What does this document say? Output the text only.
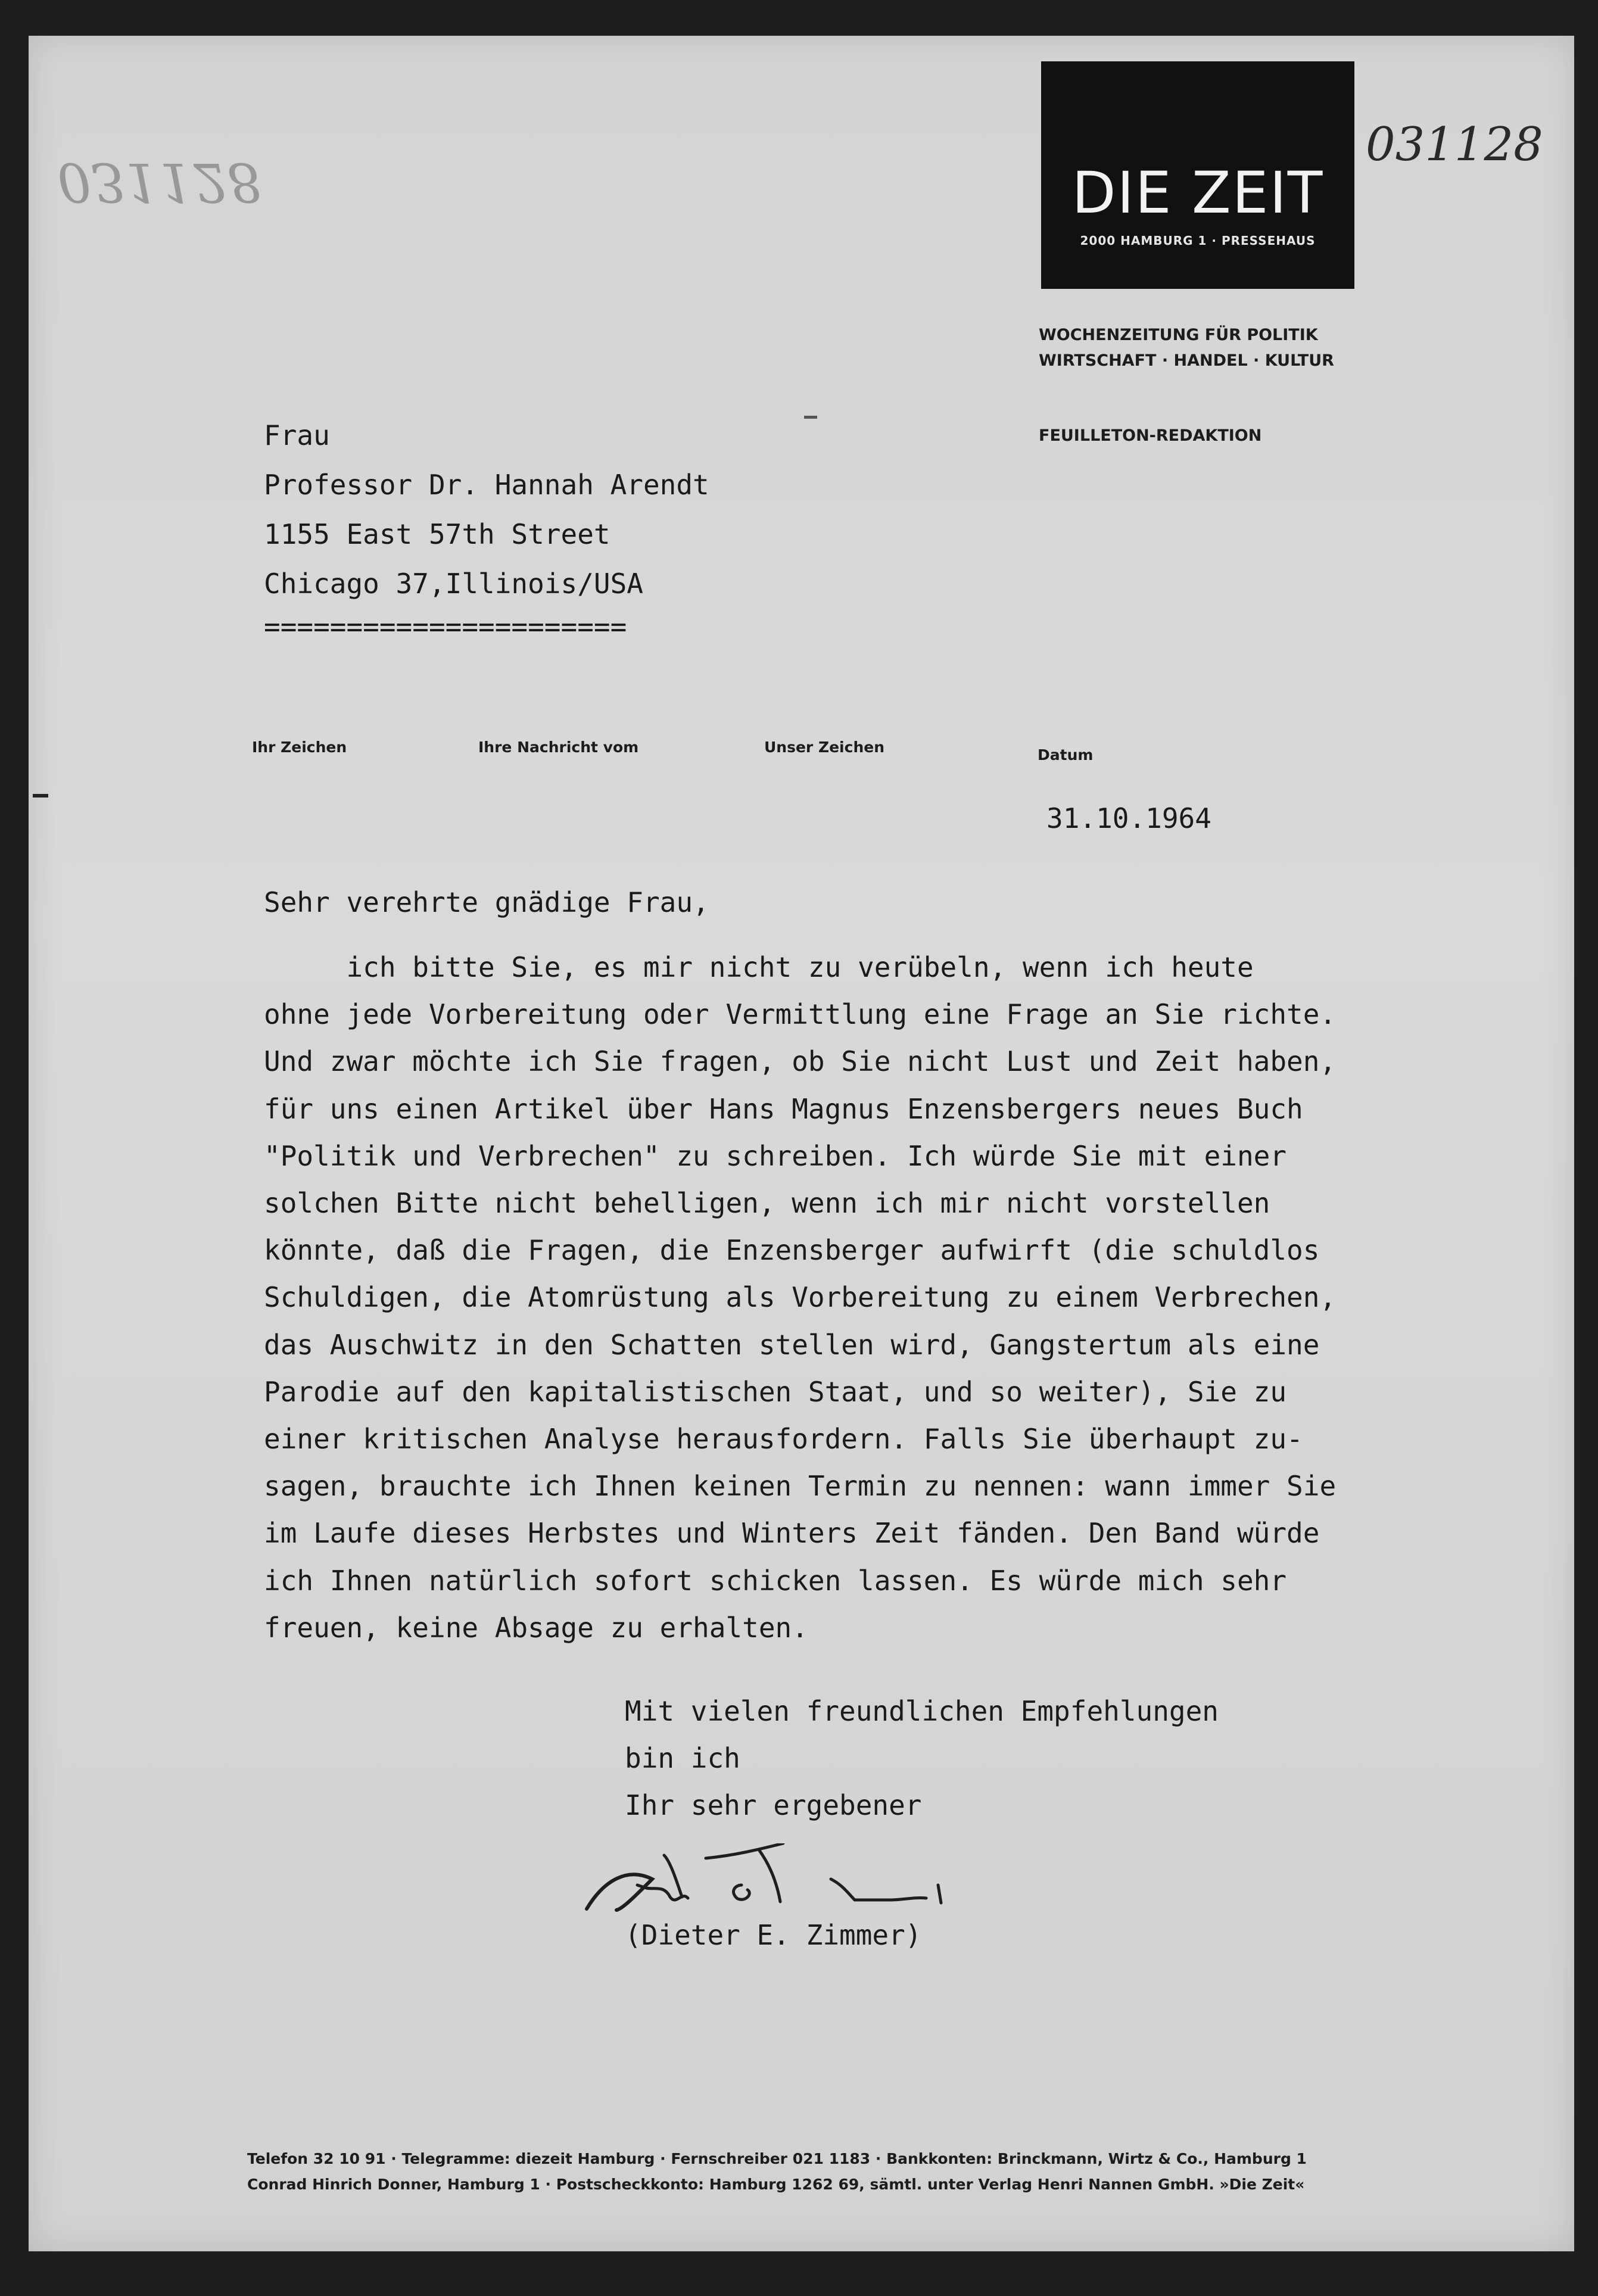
031128	DIE ZEIT
2000 HAMBURG 1 · PRESSEHAUS
031128
WOCHENZEITUNG FÜR POLITIK
WIRTSCHAFT · HANDEL · KULTUR
FEUILLETON-REDAKTION
Frau
Professor Dr. Hannah Arendt
1155 East 57th Street
Chicago 37,Illinois/USA
======================
Ihr Zeichen	Ihre Nachricht vom	Unser Zeichen	Datum
31.10.1964
Sehr verehrte gnädige Frau,
ich bitte Sie, es mir nicht zu verübeln, wenn ich heute
ohne jede Vorbereitung oder Vermittlung eine Frage an Sie richte.
Und zwar möchte ich Sie fragen, ob Sie nicht Lust und Zeit haben,
für uns einen Artikel über Hans Magnus Enzensbergers neues Buch
"Politik und Verbrechen" zu schreiben. Ich würde Sie mit einer
solchen Bitte nicht behelligen, wenn ich mir nicht vorstellen
könnte, daß die Fragen, die Enzensberger aufwirft (die schuldlos
Schuldigen, die Atomrüstung als Vorbereitung zu einem Verbrechen,
das Auschwitz in den Schatten stellen wird, Gangstertum als eine
Parodie auf den kapitalistischen Staat, und so weiter), Sie zu
einer kritischen Analyse herausfordern. Falls Sie überhaupt zu-
sagen, brauchte ich Ihnen keinen Termin zu nennen: wann immer Sie
im Laufe dieses Herbstes und Winters Zeit fänden. Den Band würde
ich Ihnen natürlich sofort schicken lassen. Es würde mich sehr
freuen, keine Absage zu erhalten.
Mit vielen freundlichen Empfehlungen
bin ich
Ihr sehr ergebener
(Dieter E. Zimmer)
Telefon 32 10 91 · Telegramme: diezeit Hamburg · Fernschreiber 021 1183 · Bankkonten: Brinckmann, Wirtz & Co., Hamburg 1
Conrad Hinrich Donner, Hamburg 1 · Postscheckkonto: Hamburg 1262 69, sämtl. unter Verlag Henri Nannen GmbH. »Die Zeit«
